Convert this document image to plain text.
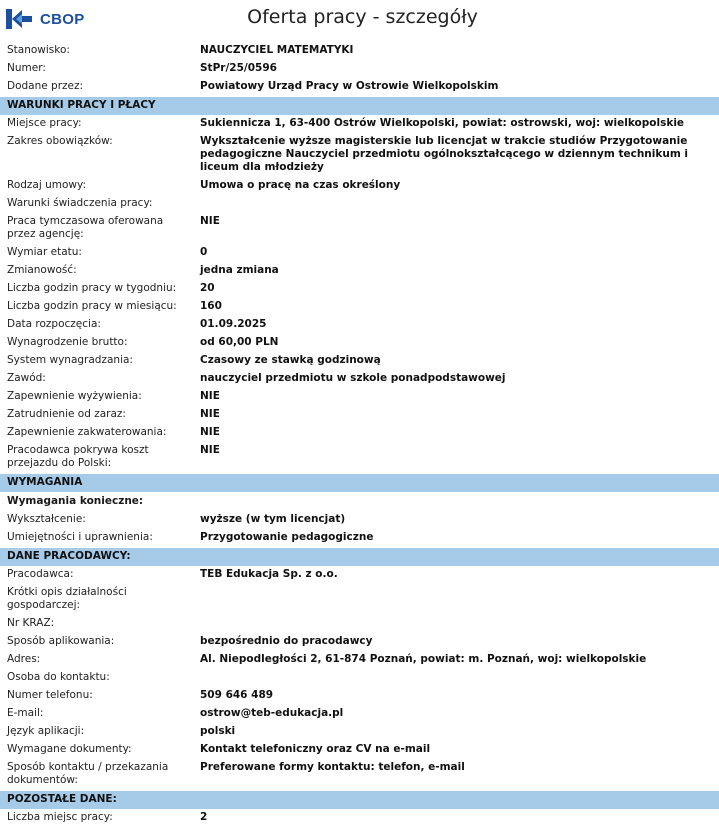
CBOP	Oferta pracy - szczegóły
Stanowisko:	NAUCZYCIEL MATEMATYKI
Numer:	StPr/25/0596
Dodane przez:	Powiatowy Urząd Pracy w Ostrowie Wielkopolskim
WARUNKI PRACY I PŁACY
Miejsce pracy:	Sukiennicza 1, 63-400 Ostrów Wielkopolski, powiat: ostrowski, woj: wielkopolskie
Zakres obowiązków:	Wykształcenie wyższe magisterskie lub licencjat w trakcie studiów Przygotowanie pedagogiczne Nauczyciel przedmiotu ogólnokształcącego w dziennym technikum i liceum dla młodzieży
Rodzaj umowy:	Umowa o pracę na czas określony
Warunki świadczenia pracy:
Praca tymczasowa oferowana przez agencję:
NIE
Wymiar etatu:	0
Zmianowość:	jedna zmiana
Liczba godzin pracy w tygodniu:	20
Liczba godzin pracy w miesiącu:	160
Data rozpoczęcia:	01.09.2025
Wynagrodzenie brutto:	od 60,00 PLN
System wynagradzania:	Czasowy ze stawką godzinową
Zawód:	nauczyciel przedmiotu w szkole ponadpodstawowej
Zapewnienie wyżywienia:	NIE
Zatrudnienie od zaraz:	NIE
Zapewnienie zakwaterowania:	NIE
Pracodawca pokrywa koszt przejazdu do Polski:
NIE
WYMAGANIA
Wymagania konieczne:
Wykształcenie:	wyższe (w tym licencjat)
Umiejętności i uprawnienia:	Przygotowanie pedagogiczne
DANE PRACODAWCY:
Pracodawca:	TEB Edukacja Sp. z o.o.
Krótki opis działalności gospodarczej:
Nr KRAZ:
Sposób aplikowania:	bezpośrednio do pracodawcy
Adres:	Al. Niepodległości 2, 61-874 Poznań, powiat: m. Poznań, woj: wielkopolskie
Osoba do kontaktu:
Numer telefonu:	509 646 489
E-mail:	ostrow@teb-edukacja.pl
Język aplikacji:	polski
Wymagane dokumenty:	Kontakt telefoniczny oraz CV na e-mail
Sposób kontaktu / przekazania dokumentów:
Preferowane formy kontaktu: telefon, e-mail
POZOSTAŁE DANE:
Liczba miejsc pracy:	2
